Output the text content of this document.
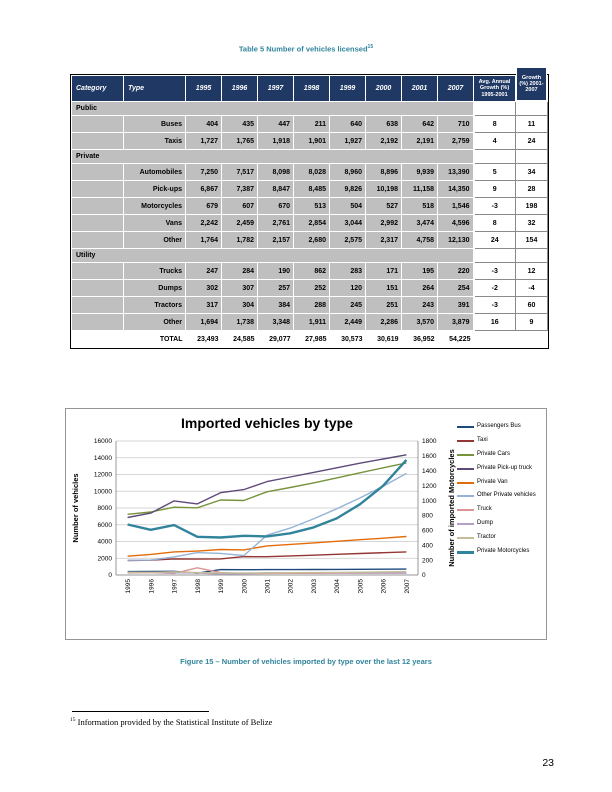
Table 5 Number of vehicles licensed$^{15}$
Category	Type	1995	1996	1997	1998	1999	2000	2001	2007	Avg. Annual Growth (%) 1995-2001	Growth (%) 2001-2007

Public											
	Buses	404	435	447	211	640	638	642	710	8	11
	Taxis	1,727	1,765	1,918	1,901	1,927	2,192	2,191	2,759	4	24
Private											
	Automobiles	7,250	7,517	8,098	8,028	8,960	8,896	9,939	13,390	5	34
	Pick-ups	6,867	7,387	8,847	8,485	9,826	10,198	11,158	14,350	9	28
	Motorcycles	679	607	670	513	504	527	518	1,546	-3	198
	Vans	2,242	2,459	2,761	2,854	3,044	2,992	3,474	4,596	8	32
	Other	1,764	1,782	2,157	2,680	2,575	2,317	4,758	12,130	24	154
Utility											
	Trucks	247	284	190	862	283	171	195	220	-3	12
	Dumps	302	307	257	252	120	151	264	254	-2	-4
	Tractors	317	304	384	288	245	251	243	391	-3	60
	Other	1,694	1,738	3,348	1,911	2,449	2,286	3,570	3,879	16	9
	TOTAL	23,493	24,585	29,077	27,985	30,573	30,619	36,952	54,225		
0
2000
4000
6000
8000
10000
12000
14000
16000
0
200
400
600
800
1000
1200
1400
1600
1800
1995 1996 1997 1998 1999 2000 2001 2002 2003 2004 2005 2006 2007
Imported vehicles by type
Number of vehicles	Number of imported Motorcycles
Passengers Bus
Taxi
Private Cars
Private Pick-up truck
Private Van
Other Private vehicles
Truck
Dump
Tractor
Private Motorcycles
Figure 15 – Number of vehicles imported by type over the last 12 years
$^{15}$ Information provided by the Statistical Institute of Belize
23
